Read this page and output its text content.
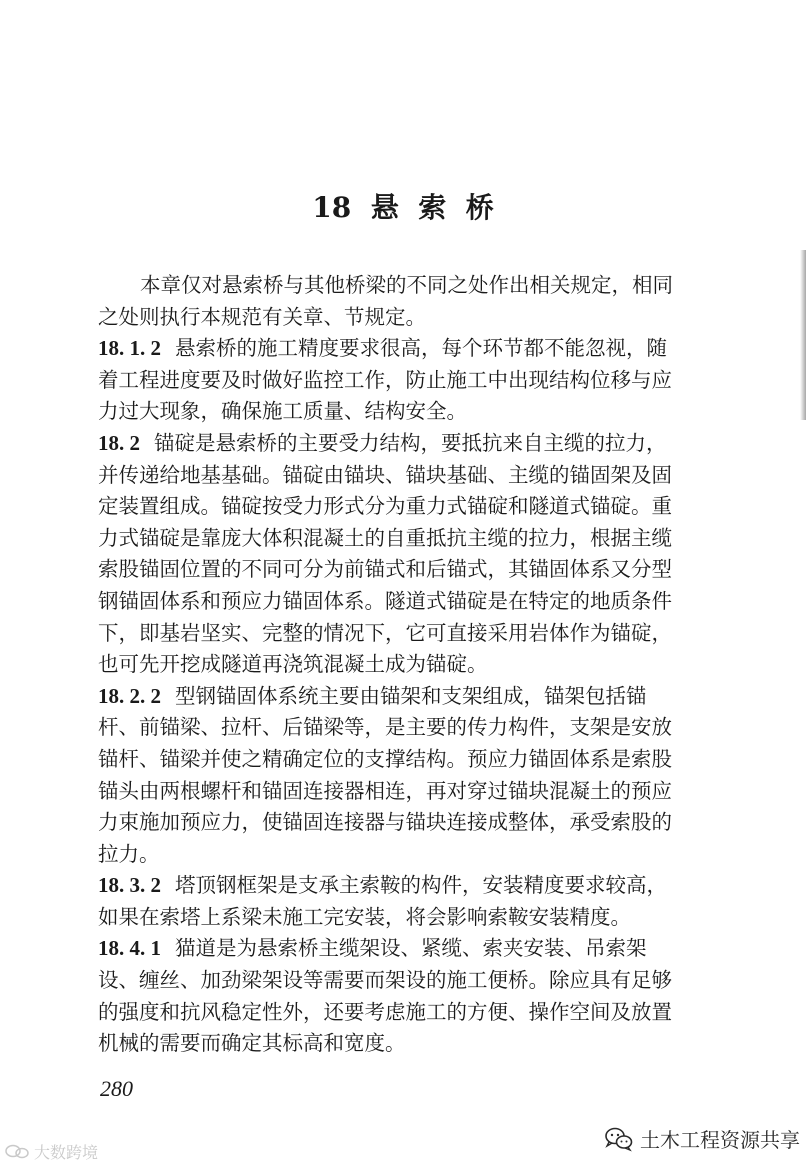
18  悬  索  桥
本章仅对悬索桥与其他桥梁的不同之处作出相关规定，相同
之处则执行本规范有关章、节规定。
18. 1. 2 悬索桥的施工精度要求很高，每个环节都不能忽视，随
着工程进度要及时做好监控工作，防止施工中出现结构位移与应
力过大现象，确保施工质量、结构安全。
18. 2 锚碇是悬索桥的主要受力结构，要抵抗来自主缆的拉力，
并传递给地基基础。锚碇由锚块、锚块基础、主缆的锚固架及固
定装置组成。锚碇按受力形式分为重力式锚碇和隧道式锚碇。重
力式锚碇是靠庞大体积混凝土的自重抵抗主缆的拉力，根据主缆
索股锚固位置的不同可分为前锚式和后锚式，其锚固体系又分型
钢锚固体系和预应力锚固体系。隧道式锚碇是在特定的地质条件
下，即基岩坚实、完整的情况下，它可直接采用岩体作为锚碇，
也可先开挖成隧道再浇筑混凝土成为锚碇。
18. 2. 2 型钢锚固体系统主要由锚架和支架组成，锚架包括锚
杆、前锚梁、拉杆、后锚梁等，是主要的传力构件，支架是安放
锚杆、锚梁并使之精确定位的支撑结构。预应力锚固体系是索股
锚头由两根螺杆和锚固连接器相连，再对穿过锚块混凝土的预应
力束施加预应力，使锚固连接器与锚块连接成整体，承受索股的
拉力。
18. 3. 2 塔顶钢框架是支承主索鞍的构件，安装精度要求较高，
如果在索塔上系梁未施工完安装，将会影响索鞍安装精度。
18. 4. 1 猫道是为悬索桥主缆架设、紧缆、索夹安装、吊索架
设、缠丝、加劲梁架设等需要而架设的施工便桥。除应具有足够
的强度和抗风稳定性外，还要考虑施工的方便、操作空间及放置
机械的需要而确定其标高和宽度。
280
大数跨境
土木工程资源共享
